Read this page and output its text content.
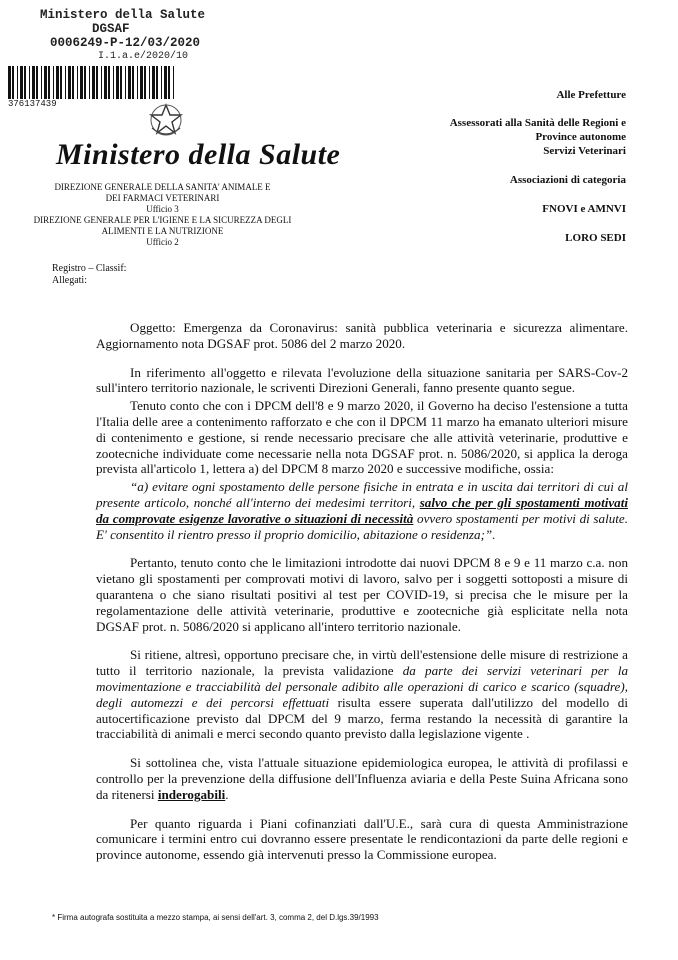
Ministero della Salute
DGSAF
0006249-P-12/03/2020
I.1.a.e/2020/10
376137439
Ministero della Salute
DIREZIONE GENERALE DELLA SANITA' ANIMALE E
DEI FARMACI VETERINARI
Ufficio 3
DIREZIONE GENERALE PER L'IGIENE E LA SICUREZZA DEGLI
ALIMENTI E LA NUTRIZIONE
Ufficio 2
Alle Prefetture
Assessorati alla Sanità delle Regioni e
Province autonome
Servizi Veterinari
Associazioni di categoria
FNOVI e AMNVI
LORO SEDI
Registro – Classif:
Allegati:

Oggetto: Emergenza da Coronavirus: sanità pubblica veterinaria e sicurezza alimentare. Aggiornamento nota DGSAF prot. 5086 del 2 marzo 2020.

In riferimento all'oggetto e rilevata l'evoluzione della situazione sanitaria per SARS-Cov-2 sull'intero territorio nazionale, le scriventi Direzioni Generali, fanno presente quanto segue.

Tenuto conto che con i DPCM dell'8 e 9 marzo 2020, il Governo ha deciso l'estensione a tutta l'Italia delle aree a contenimento rafforzato e che con il DPCM 11 marzo ha emanato ulteriori misure di contenimento e gestione, si rende necessario precisare che alle attività veterinarie, produttive e zootecniche individuate come necessarie nella nota DGSAF prot. n. 5086/2020, si applica la deroga prevista all'articolo 1, lettera a) del DPCM 8 marzo 2020 e successive modifiche, ossia:

“a) evitare ogni spostamento delle persone fisiche in entrata e in uscita dai territori di cui al presente articolo, nonché all'interno dei medesimi territori, salvo che per gli spostamenti motivati da comprovate esigenze lavorative o situazioni di necessità ovvero spostamenti per motivi di salute. E' consentito il rientro presso il proprio domicilio, abitazione o residenza;”.

Pertanto, tenuto conto che le limitazioni introdotte dai nuovi DPCM 8 e 9 e 11 marzo c.a. non vietano gli spostamenti per comprovati motivi di lavoro, salvo per i soggetti sottoposti a misure di quarantena o che siano risultati positivi al test per COVID-19, si precisa che le misure per la regolamentazione delle attività veterinarie, produttive e zootecniche già esplicitate nella nota DGSAF prot. n. 5086/2020 si applicano all'intero territorio nazionale.

Si ritiene, altresì, opportuno precisare che, in virtù dell'estensione delle misure di restrizione a tutto il territorio nazionale, la prevista validazione da parte dei servizi veterinari per la movimentazione e tracciabilità del personale adibito alle operazioni di carico e scarico (squadre), degli automezzi e dei percorsi effettuati risulta essere superata dall'utilizzo del modello di autocertificazione previsto dal DPCM del 9 marzo, ferma restando la necessità di garantire la tracciabilità di animali e merci secondo quanto previsto dalla legislazione vigente .

Si sottolinea che, vista l'attuale situazione epidemiologica europea, le attività di profilassi e controllo per la prevenzione della diffusione dell'Influenza aviaria e della Peste Suina Africana sono da ritenersi inderogabili.

Per quanto riguarda i Piani cofinanziati dall'U.E., sarà cura di questa Amministrazione comunicare i termini entro cui dovranno essere presentate le rendicontazioni da parte delle regioni e province autonome, essendo già intervenuti presso la Commissione europea.

* Firma autografa sostituita a mezzo stampa, ai sensi dell'art. 3, comma 2, del D.lgs.39/1993
